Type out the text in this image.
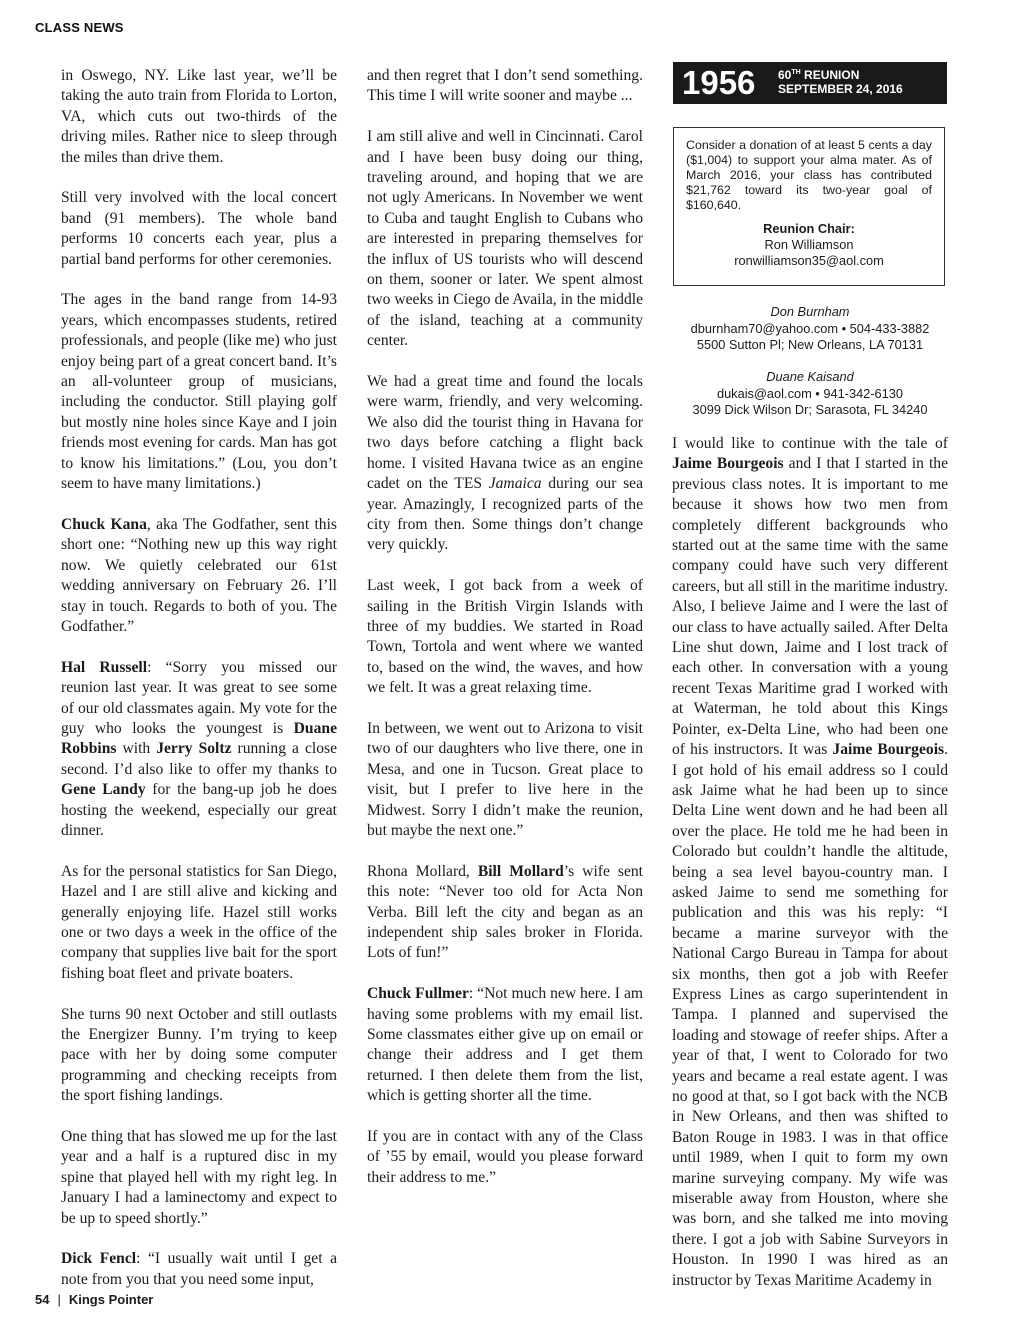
CLASS NEWS

in Oswego, NY. Like last year, we’ll be taking the auto train from Florida to Lorton, VA, which cuts out two-thirds of the driving miles. Rather nice to sleep through the miles than drive them.

Still very involved with the local concert band (91 members). The whole band performs 10 concerts each year, plus a partial band performs for other ceremonies.

The ages in the band range from 14-93 years, which encompasses students, retired professionals, and people (like me) who just enjoy being part of a great concert band. It’s an all-volunteer group of musicians, including the conductor. Still playing golf but mostly nine holes since Kaye and I join friends most evening for cards. Man has got to know his limitations.” (Lou, you don’t seem to have many limitations.)

Chuck Kana, aka The Godfather, sent this short one: “Nothing new up this way right now. We quietly celebrated our 61st wedding anniversary on February 26. I’ll stay in touch. Regards to both of you. The Godfather.”

Hal Russell: “Sorry you missed our reunion last year. It was great to see some of our old classmates again. My vote for the guy who looks the youngest is Duane Robbins with Jerry Soltz running a close second. I’d also like to offer my thanks to Gene Landy for the bang-up job he does hosting the weekend, especially our great dinner.

As for the personal statistics for San Diego, Hazel and I are still alive and kicking and generally enjoying life. Hazel still works one or two days a week in the office of the company that supplies live bait for the sport fishing boat fleet and private boaters.

She turns 90 next October and still outlasts the Energizer Bunny. I’m trying to keep pace with her by doing some computer programming and checking receipts from the sport fishing landings.

One thing that has slowed me up for the last year and a half is a ruptured disc in my spine that played hell with my right leg. In January I had a laminectomy and expect to be up to speed shortly.”

Dick Fencl: “I usually wait until I get a note from you that you need some input,

and then regret that I don’t send something. This time I will write sooner and maybe ...

I am still alive and well in Cincinnati. Carol and I have been busy doing our thing, traveling around, and hoping that we are not ugly Americans. In November we went to Cuba and taught English to Cubans who are interested in preparing themselves for the influx of US tourists who will descend on them, sooner or later. We spent almost two weeks in Ciego de Availa, in the middle of the island, teaching at a community center.

We had a great time and found the locals were warm, friendly, and very welcoming. We also did the tourist thing in Havana for two days before catching a flight back home. I visited Havana twice as an engine cadet on the TES Jamaica during our sea year. Amazingly, I recognized parts of the city from then. Some things don’t change very quickly.

Last week, I got back from a week of sailing in the British Virgin Islands with three of my buddies. We started in Road Town, Tortola and went where we wanted to, based on the wind, the waves, and how we felt. It was a great relaxing time.

In between, we went out to Arizona to visit two of our daughters who live there, one in Mesa, and one in Tucson. Great place to visit, but I prefer to live here in the Midwest. Sorry I didn’t make the reunion, but maybe the next one.”

Rhona Mollard, Bill Mollard’s wife sent this note: “Never too old for Acta Non Verba. Bill left the city and began as an independent ship sales broker in Florida. Lots of fun!”

Chuck Fullmer: “Not much new here. I am having some problems with my email list. Some classmates either give up on email or change their address and I get them returned. I then delete them from the list, which is getting shorter all the time.

If you are in contact with any of the Class of ’55 by email, would you please forward their address to me.”

1956 60TH REUNION
SEPTEMBER 24, 2016

Consider a donation of at least 5 cents a day ($1,004) to support your alma mater. As of March 2016, your class has contributed $21,762 toward its two-year goal of $160,640.

Reunion Chair:
Ron Williamson
ronwilliamson35@aol.com
Don Burnham
dburnham70@yahoo.com • 504-433-3882
5500 Sutton Pl; New Orleans, LA 70131
Duane Kaisand
dukais@aol.com • 941-342-6130
3099 Dick Wilson Dr; Sarasota, FL 34240

I would like to continue with the tale of Jaime Bourgeois and I that I started in the previous class notes. It is important to me because it shows how two men from completely different backgrounds who started out at the same time with the same company could have such very different careers, but all still in the maritime industry. Also, I believe Jaime and I were the last of our class to have actually sailed. After Delta Line shut down, Jaime and I lost track of each other. In conversation with a young recent Texas Maritime grad I worked with at Waterman, he told about this Kings Pointer, ex-Delta Line, who had been one of his instructors. It was Jaime Bourgeois. I got hold of his email address so I could ask Jaime what he had been up to since Delta Line went down and he had been all over the place. He told me he had been in Colorado but couldn’t handle the altitude, being a sea level bayou-country man. I asked Jaime to send me something for publication and this was his reply: “I became a marine surveyor with the National Cargo Bureau in Tampa for about six months, then got a job with Reefer Express Lines as cargo superintendent in Tampa. I planned and supervised the loading and stowage of reefer ships. After a year of that, I went to Colorado for two years and became a real estate agent. I was no good at that, so I got back with the NCB in New Orleans, and then was shifted to Baton Rouge in 1983. I was in that office until 1989, when I quit to form my own marine surveying company. My wife was miserable away from Houston, where she was born, and she talked me into moving there. I got a job with Sabine Surveyors in Houston. In 1990 I was hired as an instructor by Texas Maritime Academy in

54 | Kings Pointer
